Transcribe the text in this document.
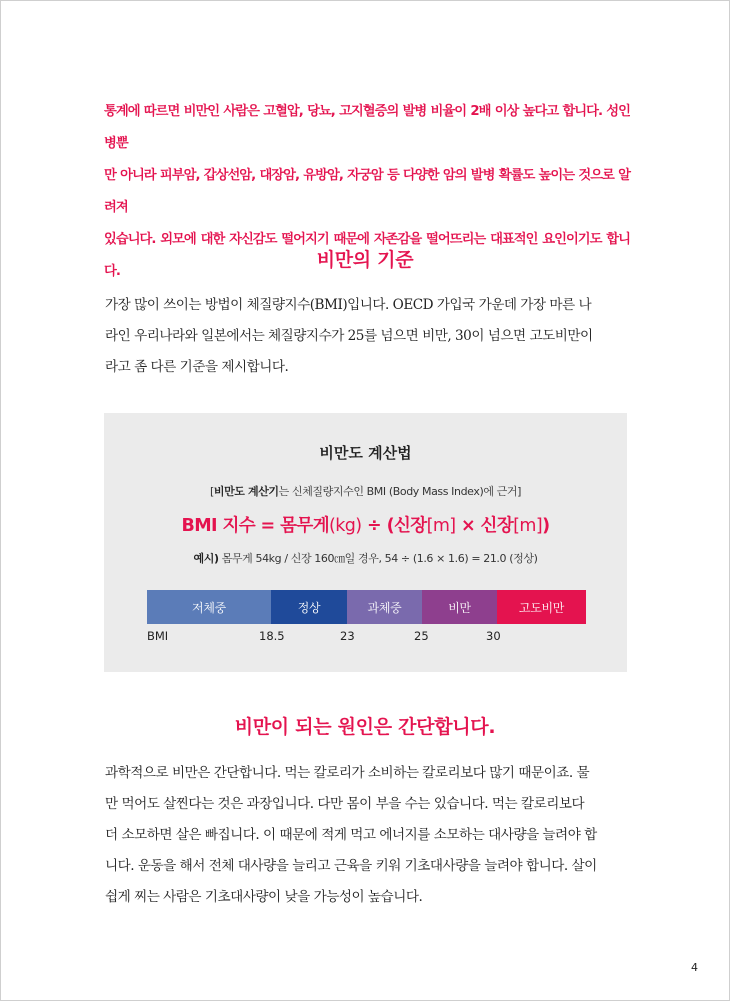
통계에 따르면 비만인 사람은 고혈압, 당뇨, 고지혈증의 발병 비율이 2배 이상 높다고 합니다. 성인병뿐
만 아니라 피부암, 갑상선암, 대장암, 유방암, 자궁암 등 다양한 암의 발병 확률도 높이는 것으로 알려져
있습니다. 외모에 대한 자신감도 떨어지기 때문에 자존감을 떨어뜨리는 대표적인 요인이기도 합니다.
비만의 기준
가장 많이 쓰이는 방법이 체질량지수(BMI)입니다. OECD 가입국 가운데 가장 마른 나
라인 우리나라와 일본에서는 체질량지수가 25를 넘으면 비만, 30이 넘으면 고도비만이
라고 좀 다른 기준을 제시합니다.
비만도 계산법
[비만도 계산기는 신체질량지수인 BMI (Body Mass Index)에 근거]
BMI 지수 = 몸무게(kg) ÷ (신장[m] × 신장[m])
예시) 몸무게 54kg / 신장 160㎝일 경우, 54 ÷ (1.6 × 1.6) = 21.0 (정상)
저체중	정상	과체중	비만	고도비만
BMI	18.5	23	25	30
비만이 되는 원인은 간단합니다.
과학적으로 비만은 간단합니다. 먹는 칼로리가 소비하는 칼로리보다 많기 때문이죠. 물
만 먹어도 살찐다는 것은 과장입니다. 다만 몸이 부을 수는 있습니다. 먹는 칼로리보다
더 소모하면 살은 빠집니다. 이 때문에 적게 먹고 에너지를 소모하는 대사량을 늘려야 합
니다. 운동을 해서 전체 대사량을 늘리고 근육을 키워 기초대사량을 늘려야 합니다. 살이
쉽게 찌는 사람은 기초대사량이 낮을 가능성이 높습니다.
4
